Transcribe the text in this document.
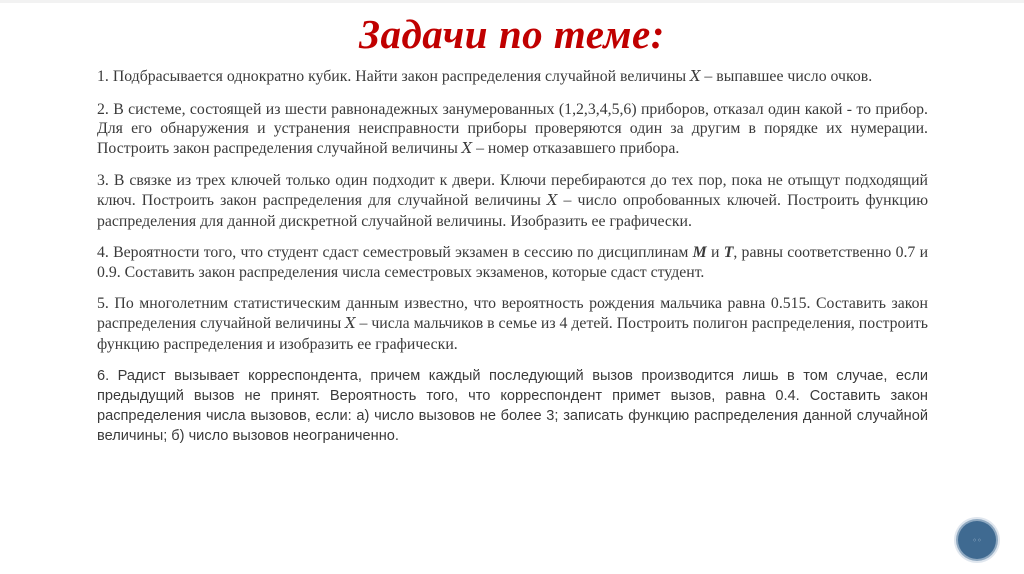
Задачи по теме:

1. Подбрасывается однократно кубик. Найти закон распределения случайной величины X – выпавшее число очков.

2. В системе, состоящей из шести равнонадежных занумерованных (1,2,3,4,5,6) приборов, отказал один какой - то прибор. Для его обнаружения и устранения неисправности приборы проверяются один за другим в порядке их нумерации. Построить закон распределения случайной величины X – номер отказавшего прибора.

3. В связке из трех ключей только один подходит к двери. Ключи перебираются до тех пор, пока не отыщут подходящий ключ. Построить закон распределения для случайной величины X – число опробованных ключей. Построить функцию распределения для данной дискретной случайной величины. Изобразить ее графически.

4. Вероятности того, что студент сдаст семестровый экзамен в сессию по дисциплинам M и T, равны соответственно 0.7 и 0.9. Составить закон распределения числа семестровых экзаменов, которые сдаст студент.

5. По многолетним статистическим данным известно, что вероятность рождения мальчика равна 0.515. Составить закон распределения случайной величины X – числа мальчиков в семье из 4 детей. Построить полигон распределения, построить функцию распределения и изобразить ее графически.

6. Радист вызывает корреспондента, причем каждый последующий вызов производится лишь в том случае, если предыдущий вызов не принят. Вероятность того, что корреспондент примет вызов, равна 0.4. Составить закон распределения числа вызовов, если: а) число вызовов не более 3; записать функцию распределения данной случайной величины; б) число вызовов неограниченно.

◦◦
